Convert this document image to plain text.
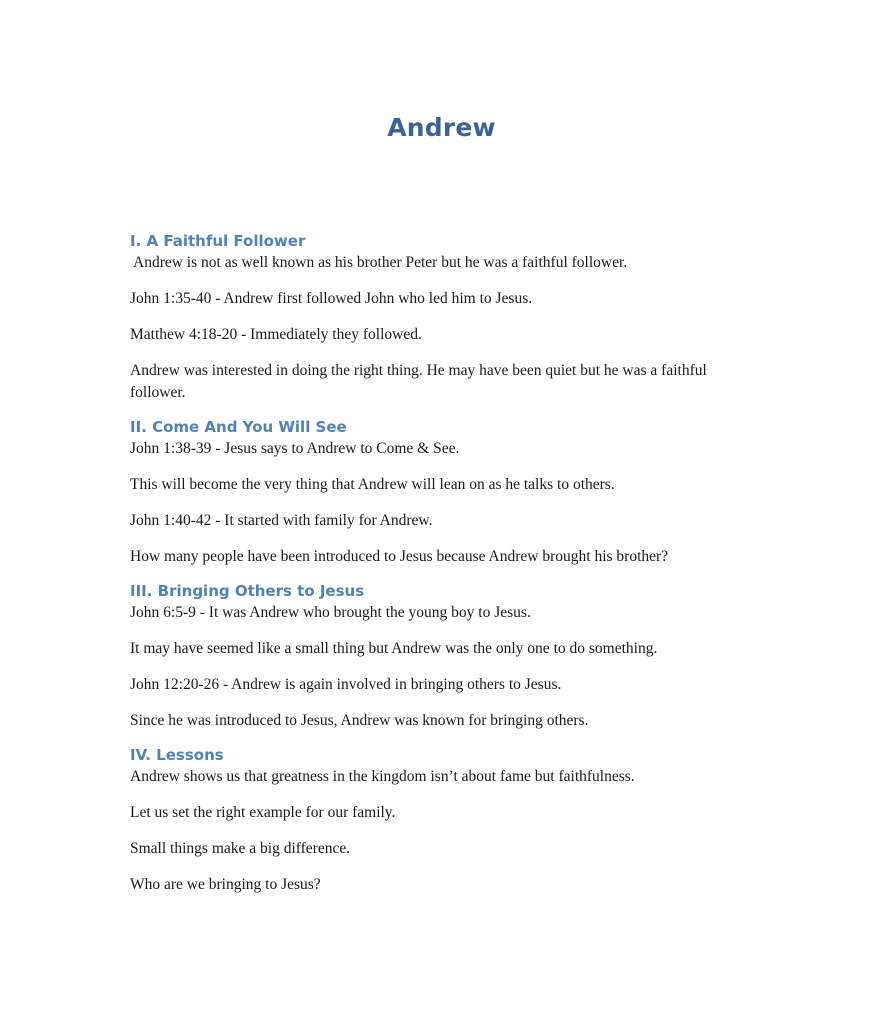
Andrew
I. A Faithful Follower

Andrew is not as well known as his brother Peter but he was a faithful follower.

John 1:35-40 - Andrew first followed John who led him to Jesus.

Matthew 4:18-20 - Immediately they followed.

Andrew was interested in doing the right thing. He may have been quiet but he was a faithful follower.

II. Come And You Will See

John 1:38-39 - Jesus says to Andrew to Come & See.

This will become the very thing that Andrew will lean on as he talks to others.

John 1:40-42 - It started with family for Andrew.

How many people have been introduced to Jesus because Andrew brought his brother?

III. Bringing Others to Jesus

John 6:5-9 - It was Andrew who brought the young boy to Jesus.

It may have seemed like a small thing but Andrew was the only one to do something.

John 12:20-26 - Andrew is again involved in bringing others to Jesus.

Since he was introduced to Jesus, Andrew was known for bringing others.

IV. Lessons

Andrew shows us that greatness in the kingdom isn’t about fame but faithfulness.

Let us set the right example for our family.

Small things make a big difference.

Who are we bringing to Jesus?
